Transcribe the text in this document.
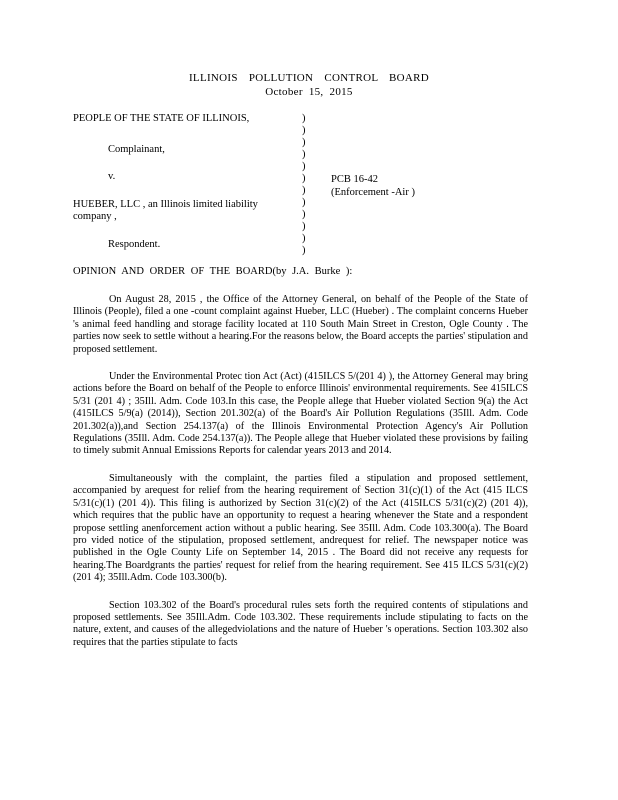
ILLINOIS POLLUTION CONTROL BOARD
October 15, 2015
PEOPLE OF THE STATE OF ILLINOIS,
Complainant,
v.
HUEBER, LLC , an Illinois limited liability
company ,
Respondent.
)
)
)
)
)
)
)
)
)
)
)
)
PCB 16-42
(Enforcement -Air )
OPINION AND ORDER OF THE BOARD(by J.A. Burke ):

On August 28, 2015 , the Office of the Attorney General, on behalf of the People of the State of Illinois (People), filed a one -count complaint against Hueber, LLC (Hueber) . The complaint concerns Hueber 's animal feed handling and storage facility located at 110 South Main Street in Creston, Ogle County . The parties now seek to settle without a hearing.For the reasons below, the Board accepts the parties' stipulation and proposed settlement.

Under the Environmental Protec tion Act (Act) (415ILCS 5/(201 4) ), the Attorney General may bring actions before the Board on behalf of the People to enforce Illinois' environmental requirements. See 415ILCS 5/31 (201 4) ; 35Ill. Adm. Code 103.In this case, the People allege that Hueber violated Section 9(a) the Act (415ILCS 5/9(a) (2014)), Section 201.302(a) of the Board's Air Pollution Regulations (35Ill. Adm. Code 201.302(a)),and Section 254.137(a) of the Illinois Environmental Protection Agency's Air Pollution Regulations (35Ill. Adm. Code 254.137(a)). The People allege that Hueber violated these provisions by failing to timely submit Annual Emissions Reports for calendar years 2013 and 2014.

Simultaneously with the complaint, the parties filed a stipulation and proposed settlement, accompanied by arequest for relief from the hearing requirement of Section 31(c)(1) of the Act (415 ILCS 5/31(c)(1) (201 4)). This filing is authorized by Section 31(c)(2) of the Act (415ILCS 5/31(c)(2) (201 4)), which requires that the public have an opportunity to request a hearing whenever the State and a respondent propose settling anenforcement action without a public hearing. See 35Ill. Adm. Code 103.300(a). The Board pro vided notice of the stipulation, proposed settlement, andrequest for relief. The newspaper notice was published in the Ogle County Life on September 14, 2015 . The Board did not receive any requests for hearing.The Boardgrants the parties' request for relief from the hearing requirement. See 415 ILCS 5/31(c)(2) (201 4); 35Ill.Adm. Code 103.300(b).

Section 103.302 of the Board's procedural rules sets forth the required contents of stipulations and proposed settlements. See 35Ill.Adm. Code 103.302. These requirements include stipulating to facts on the nature, extent, and causes of the allegedviolations and the nature of Hueber 's operations. Section 103.302 also requires that the parties stipulate to facts
